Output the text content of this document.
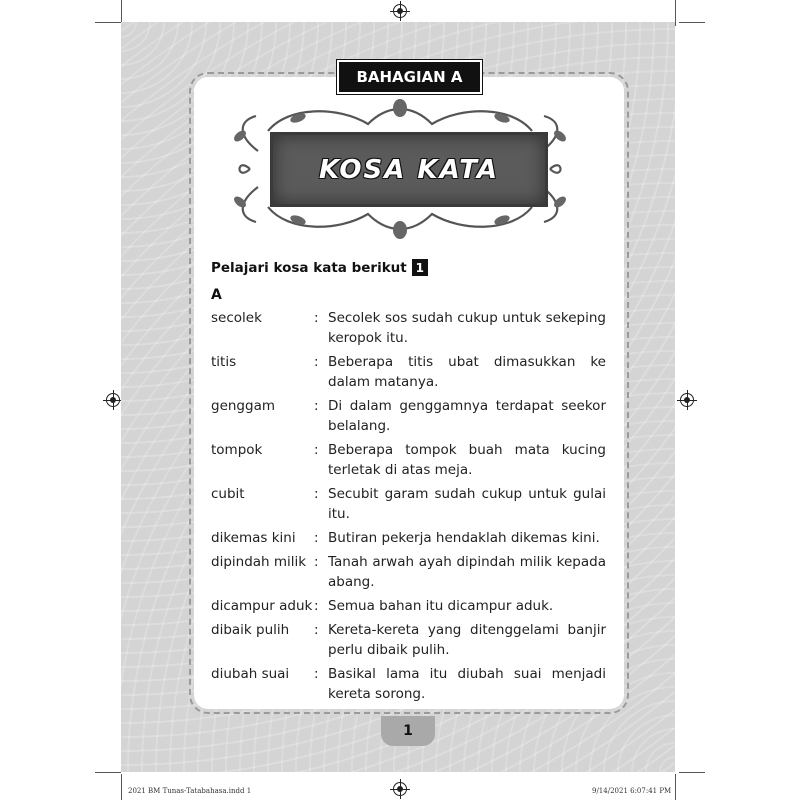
BAHAGIAN A
KOSA KATA
Pelajari kosa kata berikut 1
A
secolek	: Secolek sos sudah cukup untuk sekeping keropok itu.
titis	: Beberapa titis ubat dimasukkan ke dalam matanya.
genggam	: Di dalam genggamnya terdapat seekor belalang.
tompok	: Beberapa tompok buah mata kucing terletak di atas meja.
cubit	: Secubit garam sudah cukup untuk gulai itu.
dikemas kini	: Butiran pekerja hendaklah dikemas kini.
dipindah milik : Tanah arwah ayah dipindah milik kepada abang.
dicampur aduk : Semua bahan itu dicampur aduk.
dibaik pulih	: Kereta-kereta yang ditenggelami banjir perlu dibaik pulih.
diubah suai	: Basikal lama itu diubah suai menjadi kereta sorong.
1
2021 BM Tunas-Tatabahasa.indd 1	9/14/2021 6:07:41 PM
